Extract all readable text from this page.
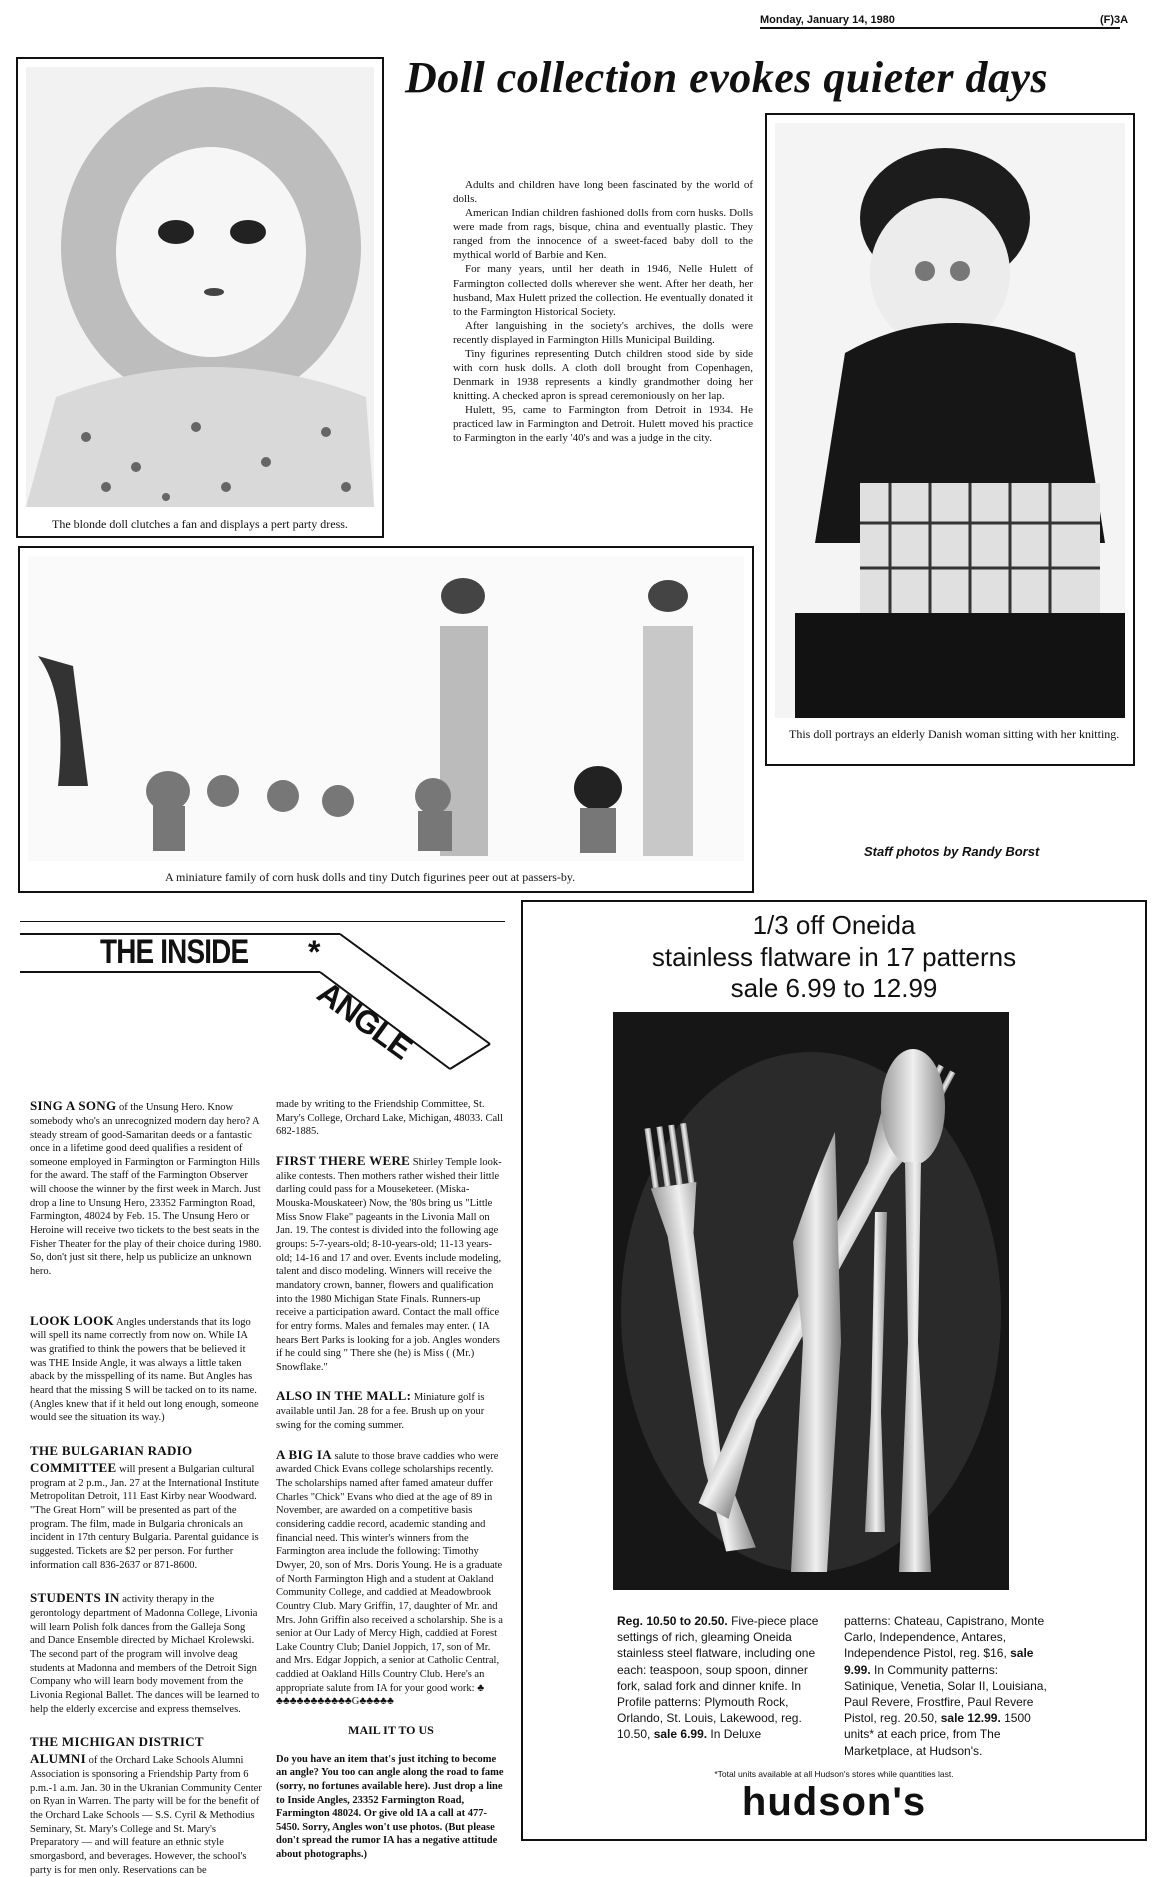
Monday, January 14, 1980	(F)3A
Doll collection evokes quieter days
The blonde doll clutches a fan and displays a pert party dress.

Adults and children have long been fascinated by the world of dolls.

American Indian children fashioned dolls from corn husks. Dolls were made from rags, bisque, china and eventually plastic. They ranged from the innocence of a sweet-faced baby doll to the mythical world of Barbie and Ken.

For many years, until her death in 1946, Nelle Hulett of Farmington collected dolls wherever she went. After her death, her husband, Max Hulett prized the collection. He eventually donated it to the Farmington Historical Society.

After languishing in the society's archives, the dolls were recently displayed in Farmington Hills Municipal Building.

Tiny figurines representing Dutch children stood side by side with corn husk dolls. A cloth doll brought from Copenhagen, Denmark in 1938 represents a kindly grandmother doing her knitting. A checked apron is spread ceremoniously on her lap.

Hulett, 95, came to Farmington from Detroit in 1934. He practiced law in Farmington and Detroit. Hulett moved his practice to Farmington in the early '40's and was a judge in the city.

This doll portrays an elderly Danish woman sitting with her knitting.
A miniature family of corn husk dolls and tiny Dutch figurines peer out at passers-by.
Staff photos by Randy Borst
THE INSIDE *
ANGLE
SING A SONG of the Unsung Hero. Know somebody who's an unrecognized modern day hero? A steady stream of good-Samaritan deeds or a fantastic once in a lifetime good deed qualifies a resident of someone employed in Farmington or Farmington Hills for the award. The staff of the Farmington Observer will choose the winner by the first week in March. Just drop a line to Unsung Hero, 23352 Farmington Road, Farmington, 48024 by Feb. 15. The Unsung Hero or Heroine will receive two tickets to the best seats in the Fisher Theater for the play of their choice during 1980. So, don't just sit there, help us publicize an unknown hero.
LOOK LOOK Angles understands that its logo will spell its name correctly from now on. While IA was gratified to think the powers that be believed it was THE Inside Angle, it was always a little taken aback by the misspelling of its name. But Angles has heard that the missing S will be tacked on to its name. (Angles knew that if it held out long enough, someone would see the situation its way.)
THE BULGARIAN RADIO COMMITTEE will present a Bulgarian cultural program at 2 p.m., Jan. 27 at the International Institute Metropolitan Detroit, 111 East Kirby near Woodward. "The Great Horn" will be presented as part of the program. The film, made in Bulgaria chronicals an incident in 17th century Bulgaria. Parental guidance is suggested. Tickets are $2 per person. For further information call 836-2637 or 871-8600.
STUDENTS IN activity therapy in the gerontology department of Madonna College, Livonia will learn Polish folk dances from the Galleja Song and Dance Ensemble directed by Michael Krolewski. The second part of the program will involve deag students at Madonna and members of the Detroit Sign Company who will learn body movement from the Livonia Regional Ballet. The dances will be learned to help the elderly excercise and express themselves.
THE MICHIGAN DISTRICT ALUMNI of the Orchard Lake Schools Alumni Association is sponsoring a Friendship Party from 6 p.m.-1 a.m. Jan. 30 in the Ukranian Community Center on Ryan in Warren. The party will be for the benefit of the Orchard Lake Schools — S.S. Cyril & Methodius Seminary, St. Mary's College and St. Mary's Preparatory — and will feature an ethnic style smorgasbord, and beverages. However, the school's party is for men only. Reservations can be
made by writing to the Friendship Committee, St. Mary's College, Orchard Lake, Michigan, 48033. Call 682-1885.
FIRST THERE WERE Shirley Temple look-alike contests. Then mothers rather wished their little darling could pass for a Mouseketeer. (Miska-Mouska-Mouskateer) Now, the '80s bring us "Little Miss Snow Flake" pageants in the Livonia Mall on Jan. 19. The contest is divided into the following age groups: 5-7-years-old; 8-10-years-old; 11-13 years-old; 14-16 and 17 and over. Events include modeling, talent and disco modeling. Winners will receive the mandatory crown, banner, flowers and qualification into the 1980 Michigan State Finals. Runners-up receive a participation award. Contact the mall office for entry forms. Males and females may enter. ( IA hears Bert Parks is looking for a job. Angles wonders if he could sing " There she (he) is Miss ( (Mr.) Snowflake."
ALSO IN THE MALL: Miniature golf is available until Jan. 28 for a fee. Brush up on your swing for the coming summer.
A BIG IA salute to those brave caddies who were awarded Chick Evans college scholarships recently. The scholarships named after famed amateur duffer Charles "Chick" Evans who died at the age of 89 in November, are awarded on a competitive basis considering caddie record, academic standing and financial need. This winter's winners from the Farmington area include the following: Timothy Dwyer, 20, son of Mrs. Doris Young. He is a graduate of North Farmington High and a student at Oakland Community College, and caddied at Meadowbrook Country Club. Mary Griffin, 17, daughter of Mr. and Mrs. John Griffin also received a scholarship. She is a senior at Our Lady of Mercy High, caddied at Forest Lake Country Club; Daniel Joppich, 17, son of Mr. and Mrs. Edgar Joppich, a senior at Catholic Central, caddied at Oakland Hills Country Club. Here's an appropriate salute from IA for your good work: ♣ ♣♣♣♣♣♣♣♣♣♣♣G♣♣♣♣♣
MAIL IT TO US
Do you have an item that's just itching to become an angle? You too can angle along the road to fame (sorry, no fortunes available here). Just drop a line to Inside Angles, 23352 Farmington Road, Farmington 48024. Or give old IA a call at 477-5450. Sorry, Angles won't use photos. (But please don't spread the rumor IA has a negative attitude about photographs.)
1/3 off Oneida
stainless flatware in 17 patterns
sale 6.99 to 12.99
Reg. 10.50 to 20.50. Five-piece place settings of rich, gleaming Oneida stainless steel flatware, including one each: teaspoon, soup spoon, dinner fork, salad fork and dinner knife. In Profile patterns: Plymouth Rock, Orlando, St. Louis, Lakewood, reg. 10.50, sale 6.99. In Deluxe
patterns: Chateau, Capistrano, Monte Carlo, Independence, Antares, Independence Pistol, reg. $16, sale 9.99. In Community patterns: Satinique, Venetia, Solar II, Louisiana, Paul Revere, Frostfire, Paul Revere Pistol, reg. 20.50, sale 12.99. 1500 units* at each price, from The Marketplace, at Hudson's.
*Total units available at all Hudson's stores while quantities last.
hudson's
